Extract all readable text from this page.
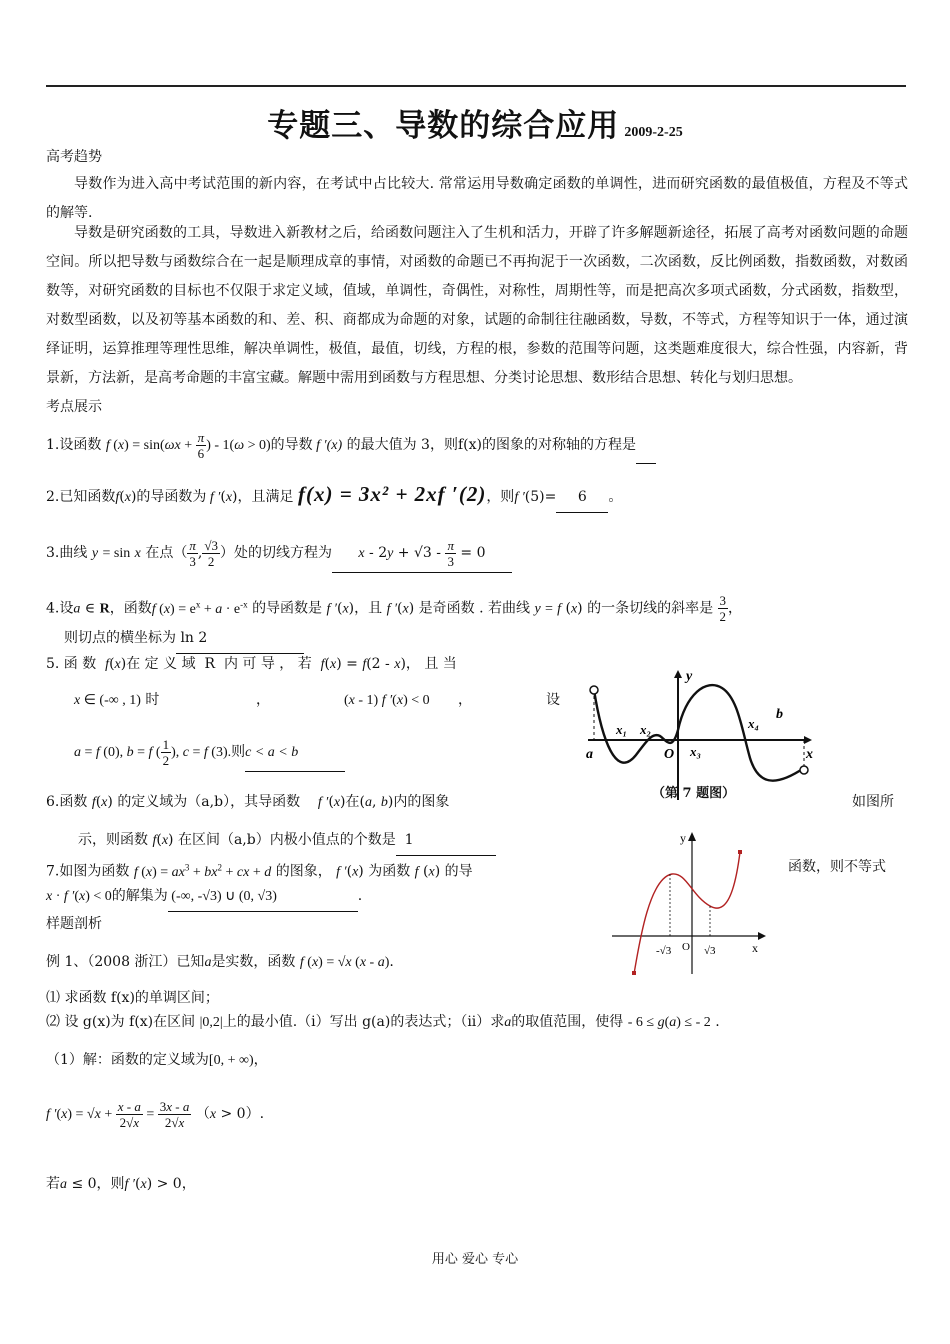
专题三、导数的综合应用 2009-2-25
高考趋势
导数作为进入高中考试范围的新内容，在考试中占比较大. 常常运用导数确定函数的单调性，进而研究函数的最值极值，方程及不等式的解等.
导数是研究函数的工具，导数进入新教材之后，给函数问题注入了生机和活力，开辟了许多解题新途径，拓展了高考对函数问题的命题空间。所以把导数与函数综合在一起是顺理成章的事情，对函数的命题已不再拘泥于一次函数，二次函数，反比例函数，指数函数，对数函数等，对研究函数的目标也不仅限于求定义域，值域，单调性，奇偶性，对称性，周期性等，而是把高次多项式函数，分式函数，指数型，对数型函数，以及初等基本函数的和、差、积、商都成为命题的对象，试题的命制往往融函数，导数，不等式，方程等知识于一体，通过演绎证明，运算推理等理性思维，解决单调性，极值，最值，切线，方程的根，参数的范围等问题，这类题难度很大，综合性强，内容新，背景新，方法新，是高考命题的丰富宝藏。解题中需用到函数与方程思想、分类讨论思想、数形结合思想、转化与划归思想。
考点展示
1.设函数 f $(x) = \sin(\omega x + \frac{\pi}{6}$ ) - 1(ω > 0)的导数 f ′(x) 的最大值为 3，则f(x)的图象的对称轴的方程是
2.已知函数f(x)的导函数为 f ′(x)，且满足 f(x) = 3x² + 2xf ′(2)，则f ′(5)= 6 。
3.曲线 y = sin x 在点（ $\frac{\pi}{3}$ , $\frac{√3}{2}$ ）处的切线方程为 $x - 2y + √3 - \frac{\pi}{3} = 0$
4.设a ∈ R，函数f $(x) = e^x + a \cdot e^{-x}$ 的导函数是 f ′(x)，且 f ′(x) 是奇函数 . 若曲线 y = f (x) 的一条切线的斜率是 $\frac{3}{2}$ ，
则切点的横坐标为 ln 2
5. 函 数 f(x)在 定 义 域 R 内 可 导 ， 若 f(x) = f(2 - x)， 且 当
x ∈ (-∞ , 1) 时	，	(x - 1) f ′(x) < 0 ，	设
a = f (0), b = f ( $\frac{1}{2}$ ), c = f (3).则c < a < b
6.函数 f(x) 的定义域为（a,b），其导函数 f ′(x)在(a, b)内的图象	如图所
示，则函数 f(x) 在区间（a,b）内极小值点的个数是 1
7.如图为函数 f $(x) = ax^3 + bx^2$ + cx + d 的图象， f ′(x) 为函数 f (x) 的导	函数，则不等式
x · f ′(x) < 0的解集为 (-∞, -√3) ∪ (0, √3)	.
样题剖析
例 1、（2008 浙江）已知a是实数，函数 f (x) = √x (x - a).
⑴ 求函数 f(x)的单调区间；
⑵ 设 g(x)为 f(x)在区间 |0,2|上的最小值.（i）写出 g(a)的表达式；（ii）求a的取值范围，使得 - 6 ≤ g(a) ≤ - 2 .
（1）解：函数的定义域为[0, + ∞)，
f $'(x) = √x + \frac{x - a}{2√x} = \frac{3x - a}{2√x} (x > 0)$.
若a ≤ 0，则f ′(x) > 0，
y
x
a
b
O
x₁ x₂
x₃
x₄
（第 7 题图）
y
x
O
-√3	√3
用心 爱心 专心
